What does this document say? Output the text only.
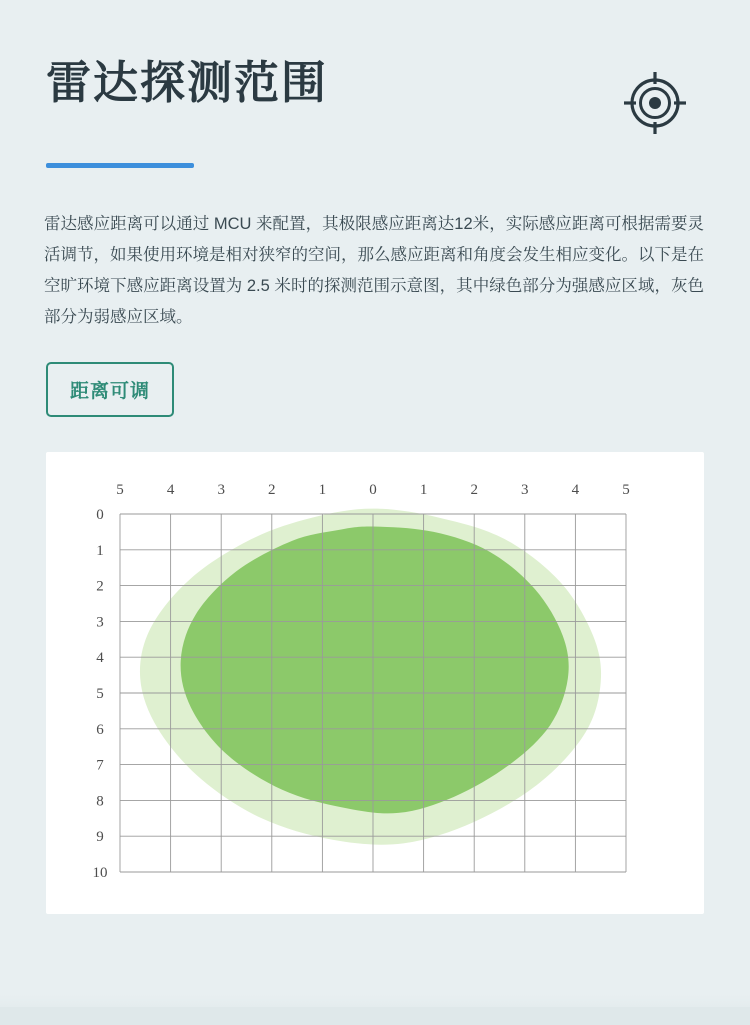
雷达探测范围

雷达感应距离可以通过 MCU 来配置，其极限感应距离达12米，实际感应距离可根据需要灵活调节，如果使用环境是相对狭窄的空间，那么感应距离和角度会发生相应变化。以下是在空旷环境下感应距离设置为 2.5 米时的探测范围示意图，其中绿色部分为强感应区域，灰色部分为弱感应区域。

距离可调
5	4	3	2	1	0	1	2	3	4	5
0
1
2
3
4
5
6
7
8
9
10
